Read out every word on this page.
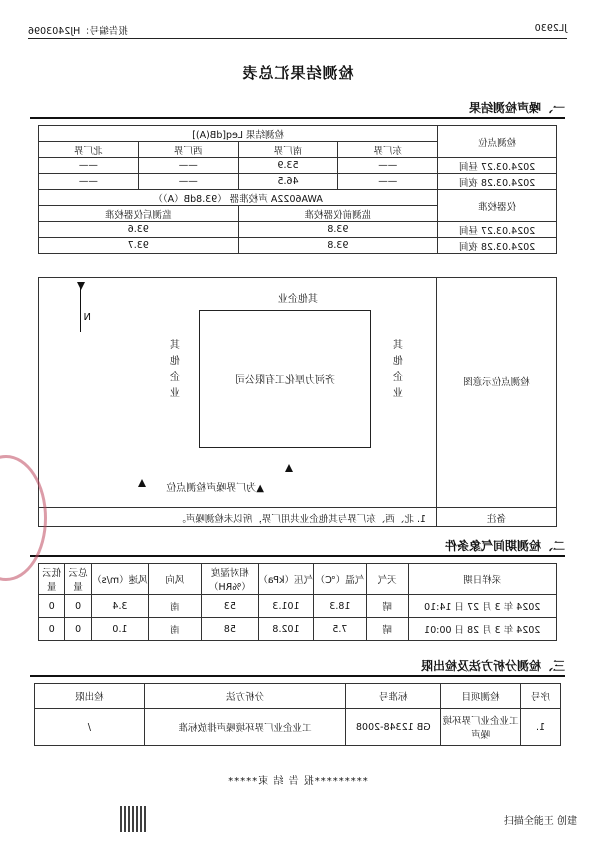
JL2930
报告编号：HJ2403096
检测结果汇总表
一、噪声检测结果
检测点位	检测结果 Leq[dB(A)]			
	东厂界	南厂界	西厂界	北厂界
2024.03.27 昼间	——	53.9	——	——
2024.03.28 夜间	——	46.5	——	——
仪器校准	AWA6022A 声校准器 （93.8dB（A））			
	监测前仪器校准		监测后仪器校准	
2024.03.27 昼间	93.8		93.6	
2024.03.28 夜间	93.8		93.7	
检测点位示意图
N
其他企业
齐河力厚化工有限公司
其
他
企
业
其
他
企
业
▲为厂界噪声检测点位
备注
1. 北、西、东厂界与其他企业共用厂界，所以未检测噪声。
二、检测期间气象条件
采样日期	天气	气温（℃）	气压（kPa）	相对湿度（%RH）	风向	风速（m/s）	总云量	低云量
2024 年 3 月 27 日 14:10	晴	18.3	101.3	53	南	3.4	0	0
2024 年 3 月 28 日 00:01	晴	7.5	102.8	58	南	1.0	0	0
三、检测分析方法及检出限
序号	检测项目	标准号	分析方法	检出限
1.	工业企业厂界环境噪声	GB 12348-2008	工业企业厂界环境噪声排放标准	/
*********报 告 结 束*****
扫描全能王 创建
